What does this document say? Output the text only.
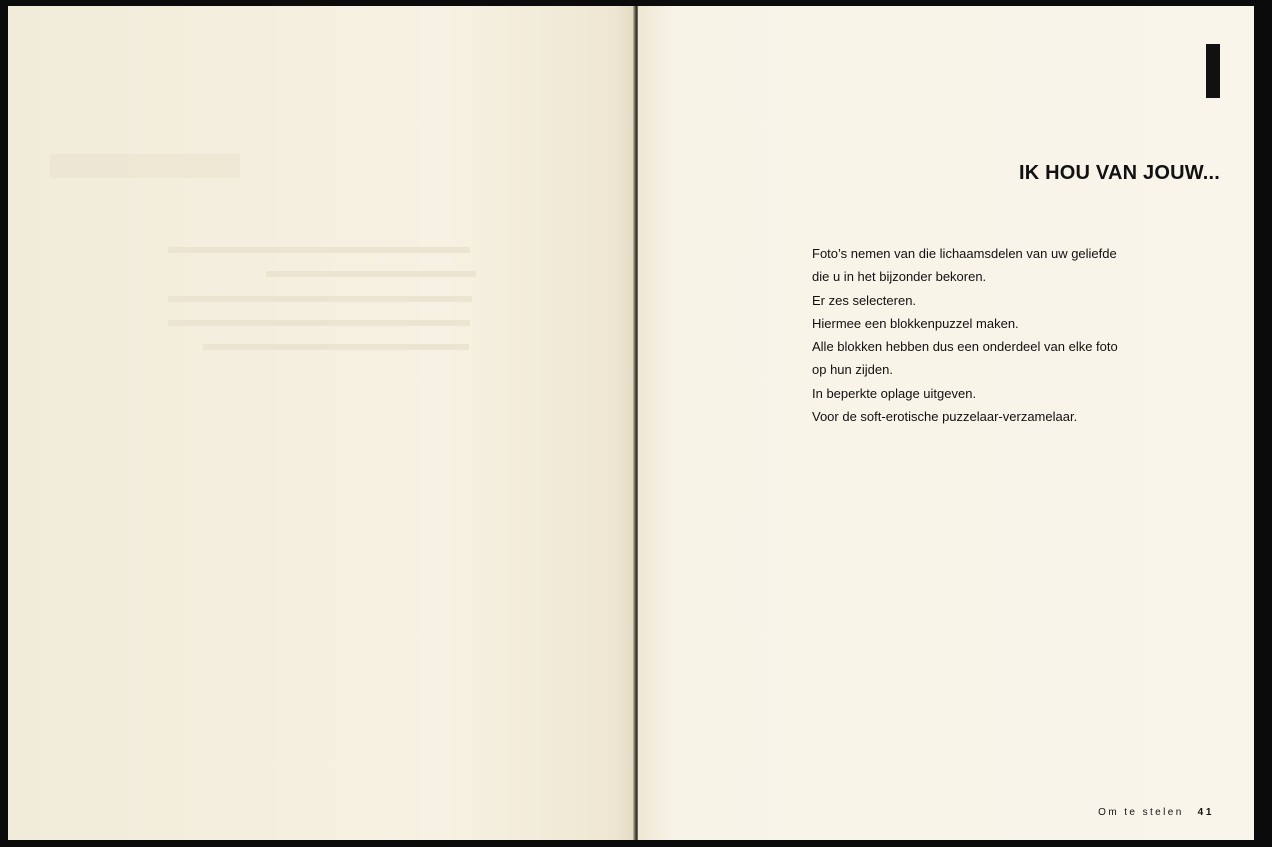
IK HOU VAN JOUW...
Foto’s nemen van die lichaamsdelen van uw geliefde
die u in het bijzonder bekoren.
Er zes selecteren.
Hiermee een blokkenpuzzel maken.
Alle blokken hebben dus een onderdeel van elke foto
op hun zijden.
In beperkte oplage uitgeven.
Voor de soft-erotische puzzelaar-verzamelaar.
Om te stelen 41
